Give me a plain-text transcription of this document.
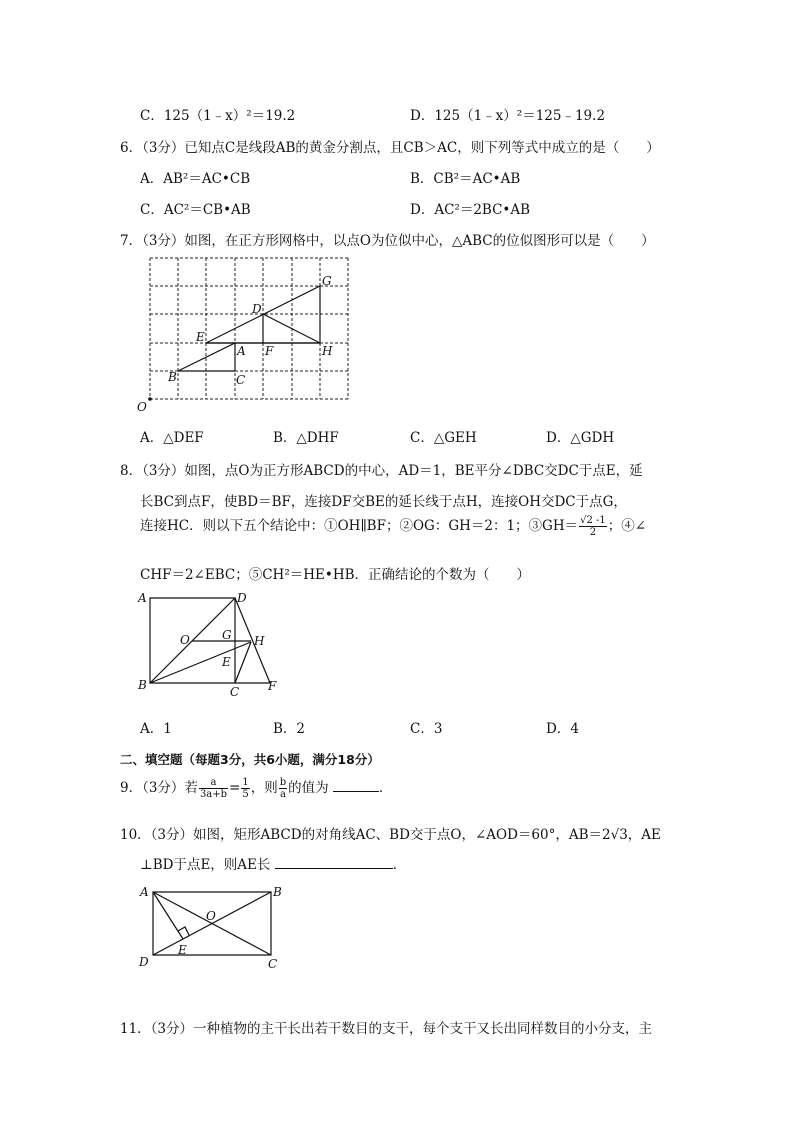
C．125（1﹣x）²＝19.2	D．125（1﹣x）²＝125﹣19.2
6．（3分）已知点C是线段AB的黄金分割点，且CB＞AC，则下列等式中成立的是（　　）
A．AB²＝AC•CB	B．CB²＝AC•AB
C．AC²＝CB•AB	D．AC²＝2BC•AB
7．（3分）如图，在正方形网格中，以点O为位似中心，△ABC的位似图形可以是（　　）
G
D
E
A F	H
B	C
O
A．△DEF	B．△DHF	C．△GEH	D．△GDH
8．（3分）如图，点O为正方形ABCD的中心，AD＝1，BE平分∠DBC交DC于点E，延
长BC到点F，使BD＝BF，连接DF交BE的延长线于点H，连接OH交DC于点G，
连接HC．则以下五个结论中：①OH∥BF；②OG：GH＝2：1；③GH＝ $\frac{√2 -1}{2}$ ；④∠
CHF＝2∠EBC；⑤CH²＝HE•HB．正确结论的个数为（　　）
A	D
O	G H
E
B	C F
A．1	B．2	C．3	D．4
二、填空题（每题3分，共6小题，满分18分）
9．（3分）若 $\frac{a}{3a+b} = \frac{1}{5}$ ，则 $\frac{b}{a}$ 的值为	．
10．（3分）如图，矩形ABCD的对角线AC、BD交于点O，∠AOD＝60°，AB＝2√3，AE
⊥BD于点E，则AE长	．
A	B
O
E
D	C
11．（3分）一种植物的主干长出若干数目的支干，每个支干又长出同样数目的小分支，主
